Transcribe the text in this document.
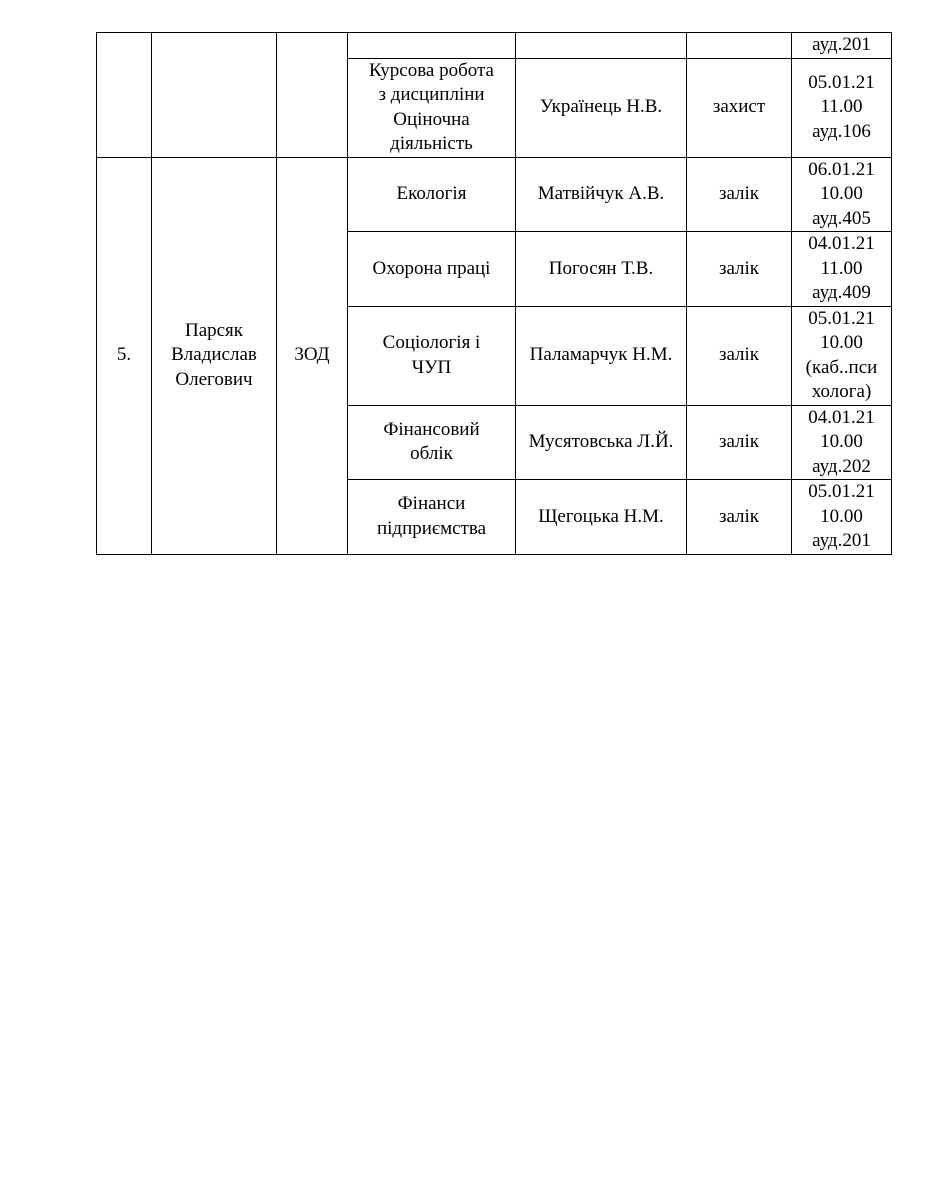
						ауд.201

			Курсова робота
з дисципліни
Оціночна
діяльність	Украïнець Н.В.	захист	05.01.21
11.00
ауд.106

5.	Парсяк
Владислав
Олегович	3ОД	Екологія	Матвійчук А.В.	залік	06.01.21
10.00
ауд.405

			Охорона праці	Погосян Т.В.	залік	04.01.21
11.00
ауд.409

			Соціологія і
ЧУП	Паламарчук Н.М.	залік	05.01.21
10.00
(каб..пси
холога)

			Фінансовий
облік	Мусятовська Л.Й.	залік	04.01.21
10.00
ауд.202

			Фінанси
підприємства	Щегоцька Н.М.	залік	05.01.21
10.00
ауд.201
